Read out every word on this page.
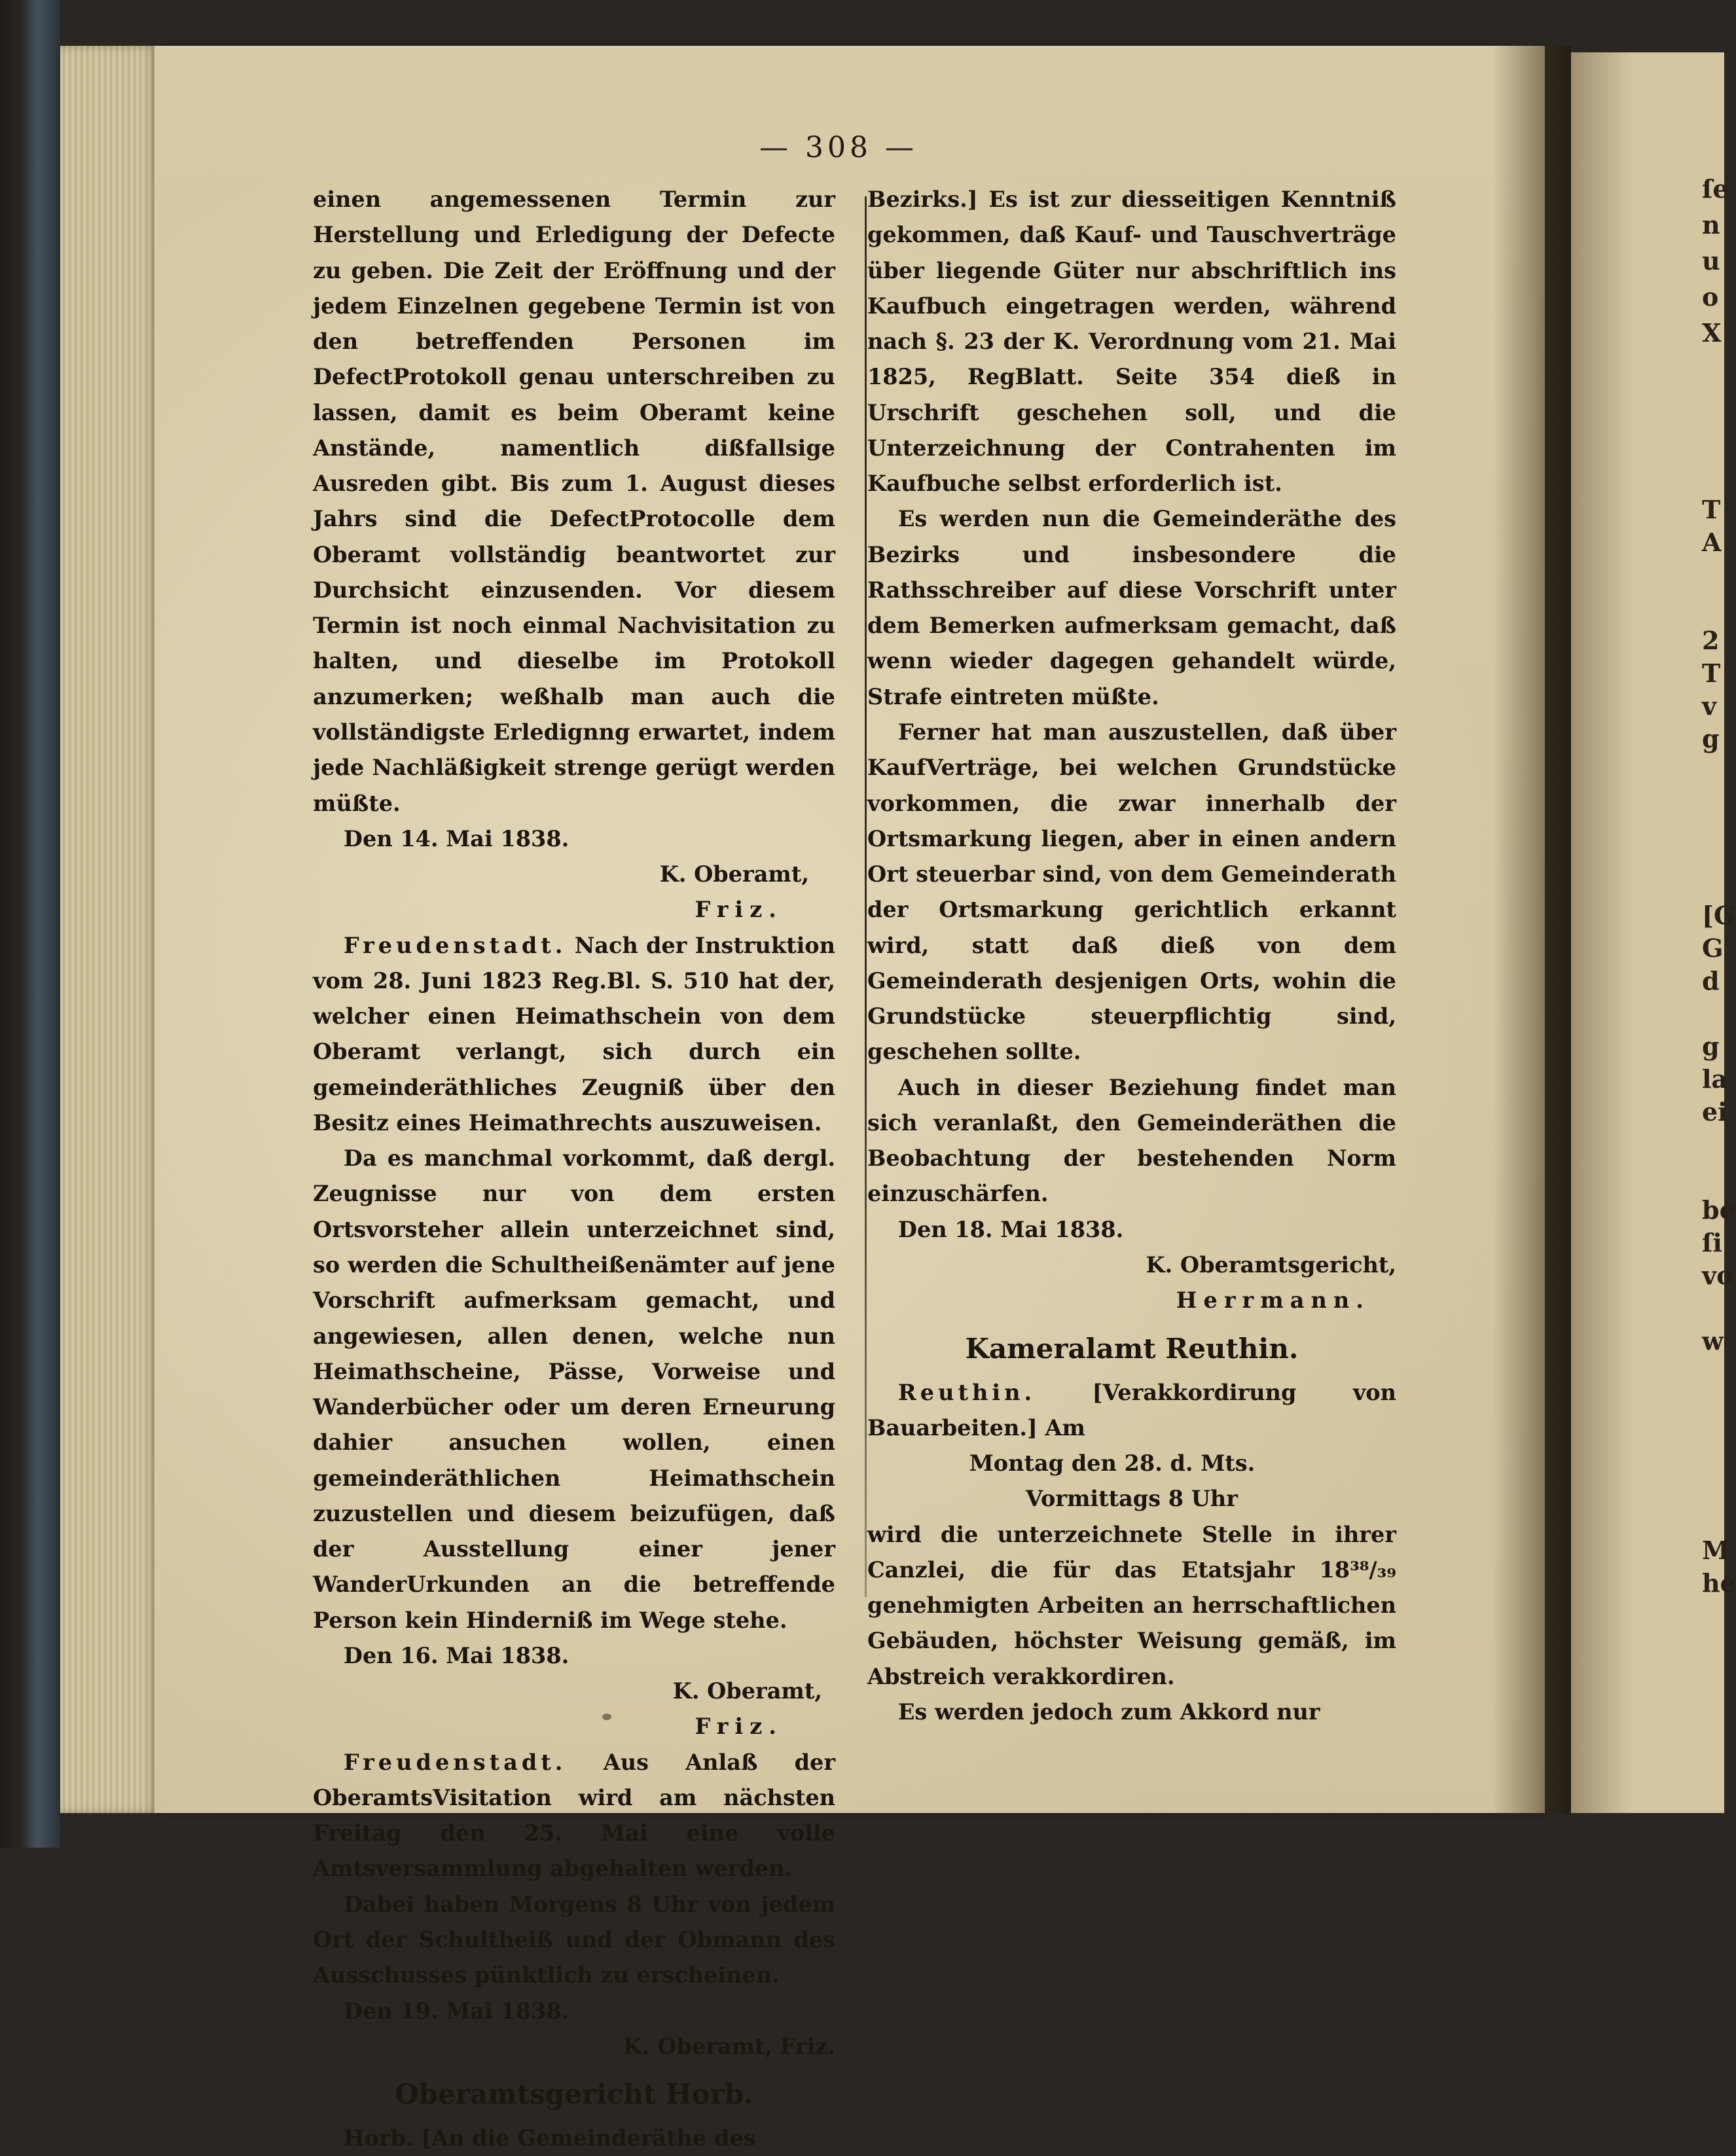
— 308 —

einen angemessenen Termin zur Herstellung und Erledigung der Defecte zu geben. Die Zeit der Eröffnung und der jedem Einzelnen gegebene Termin ist von den betreffenden Personen im DefectProtokoll genau unterschreiben zu lassen, damit es beim Oberamt keine Anstände, namentlich dißfallsige Ausreden gibt. Bis zum 1. August dieses Jahrs sind die DefectProtocolle dem Oberamt vollständig beantwortet zur Durchsicht einzusenden. Vor diesem Termin ist noch einmal Nachvisitation zu halten, und dieselbe im Protokoll anzumerken; weßhalb man auch die vollständigste Erledignng erwartet, indem jede Nachläßigkeit strenge gerügt werden müßte.

Den 14. Mai 1838.

K. Oberamt,

Friz.

Freudenstadt. Nach der Instruktion vom 28. Juni 1823 Reg.Bl. S. 510 hat der, welcher einen Heimathschein von dem Oberamt verlangt, sich durch ein gemeinderäthliches Zeugniß über den Besitz eines Heimathrechts auszuweisen.

Da es manchmal vorkommt, daß dergl. Zeugnisse nur von dem ersten Ortsvorsteher allein unterzeichnet sind, so werden die Schultheißenämter auf jene Vorschrift aufmerksam gemacht, und angewiesen, allen denen, welche nun Heimathscheine, Pässe, Vorweise und Wanderbücher oder um deren Erneurung dahier ansuchen wollen, einen gemeinderäthlichen Heimathschein zuzustellen und diesem beizufügen, daß der Ausstellung einer jener WanderUrkunden an die betreffende Person kein Hinderniß im Wege stehe.

Den 16. Mai 1838.

K. Oberamt,

Friz.

Freudenstadt. Aus Anlaß der OberamtsVisitation wird am nächsten Freitag den 25. Mai eine volle Amtsversammlung abgehalten werden.

Dabei haben Morgens 8 Uhr von jedem Ort der Schultheiß und der Obmann des Ausschusses pünktlich zu erscheinen.

Den 19. Mai 1838.

K. Oberamt, Friz.

Oberamtsgericht Horb.

Horb. [An die Gemeinderäthe des

Bezirks.] Es ist zur diesseitigen Kenntniß gekommen, daß Kauf- und Tauschverträge über liegende Güter nur abschriftlich ins Kaufbuch eingetragen werden, während nach §. 23 der K. Verordnung vom 21. Mai 1825, RegBlatt. Seite 354 dieß in Urschrift geschehen soll, und die Unterzeichnung der Contrahenten im Kaufbuche selbst erforderlich ist.

Es werden nun die Gemeinderäthe des Bezirks und insbesondere die Rathsschreiber auf diese Vorschrift unter dem Bemerken aufmerksam gemacht, daß wenn wieder dagegen gehandelt würde, Strafe eintreten müßte.

Ferner hat man auszustellen, daß über KaufVerträge, bei welchen Grundstücke vorkommen, die zwar innerhalb der Ortsmarkung liegen, aber in einen andern Ort steuerbar sind, von dem Gemeinderath der Ortsmarkung gerichtlich erkannt wird, statt daß dieß von dem Gemeinderath desjenigen Orts, wohin die Grundstücke steuerpflichtig sind, geschehen sollte.

Auch in dieser Beziehung findet man sich veranlaßt, den Gemeinderäthen die Beobachtung der bestehenden Norm einzuschärfen.

Den 18. Mai 1838.

K. Oberamtsgericht,

Herrmann.

Kameralamt Reuthin.

Reuthin.	[Verakkordirung von Bauarbeiten.] Am

Montag den 28. d. Mts.

Vormittags 8 Uhr

wird die unterzeichnete Stelle in ihrer Canzlei, die für das Etatsjahr 18³⁸/₃₉ genehmigten Arbeiten an herrschaftlichen Gebäuden, höchster Weisung gemäß, im Abstreich verakkordiren.

Es werden jedoch zum Akkord nur

ſe
n
u
o
X
T
A
2
T
v
g
[G
G
d
g
la
ei
be
ſi
vo
w
M
he
